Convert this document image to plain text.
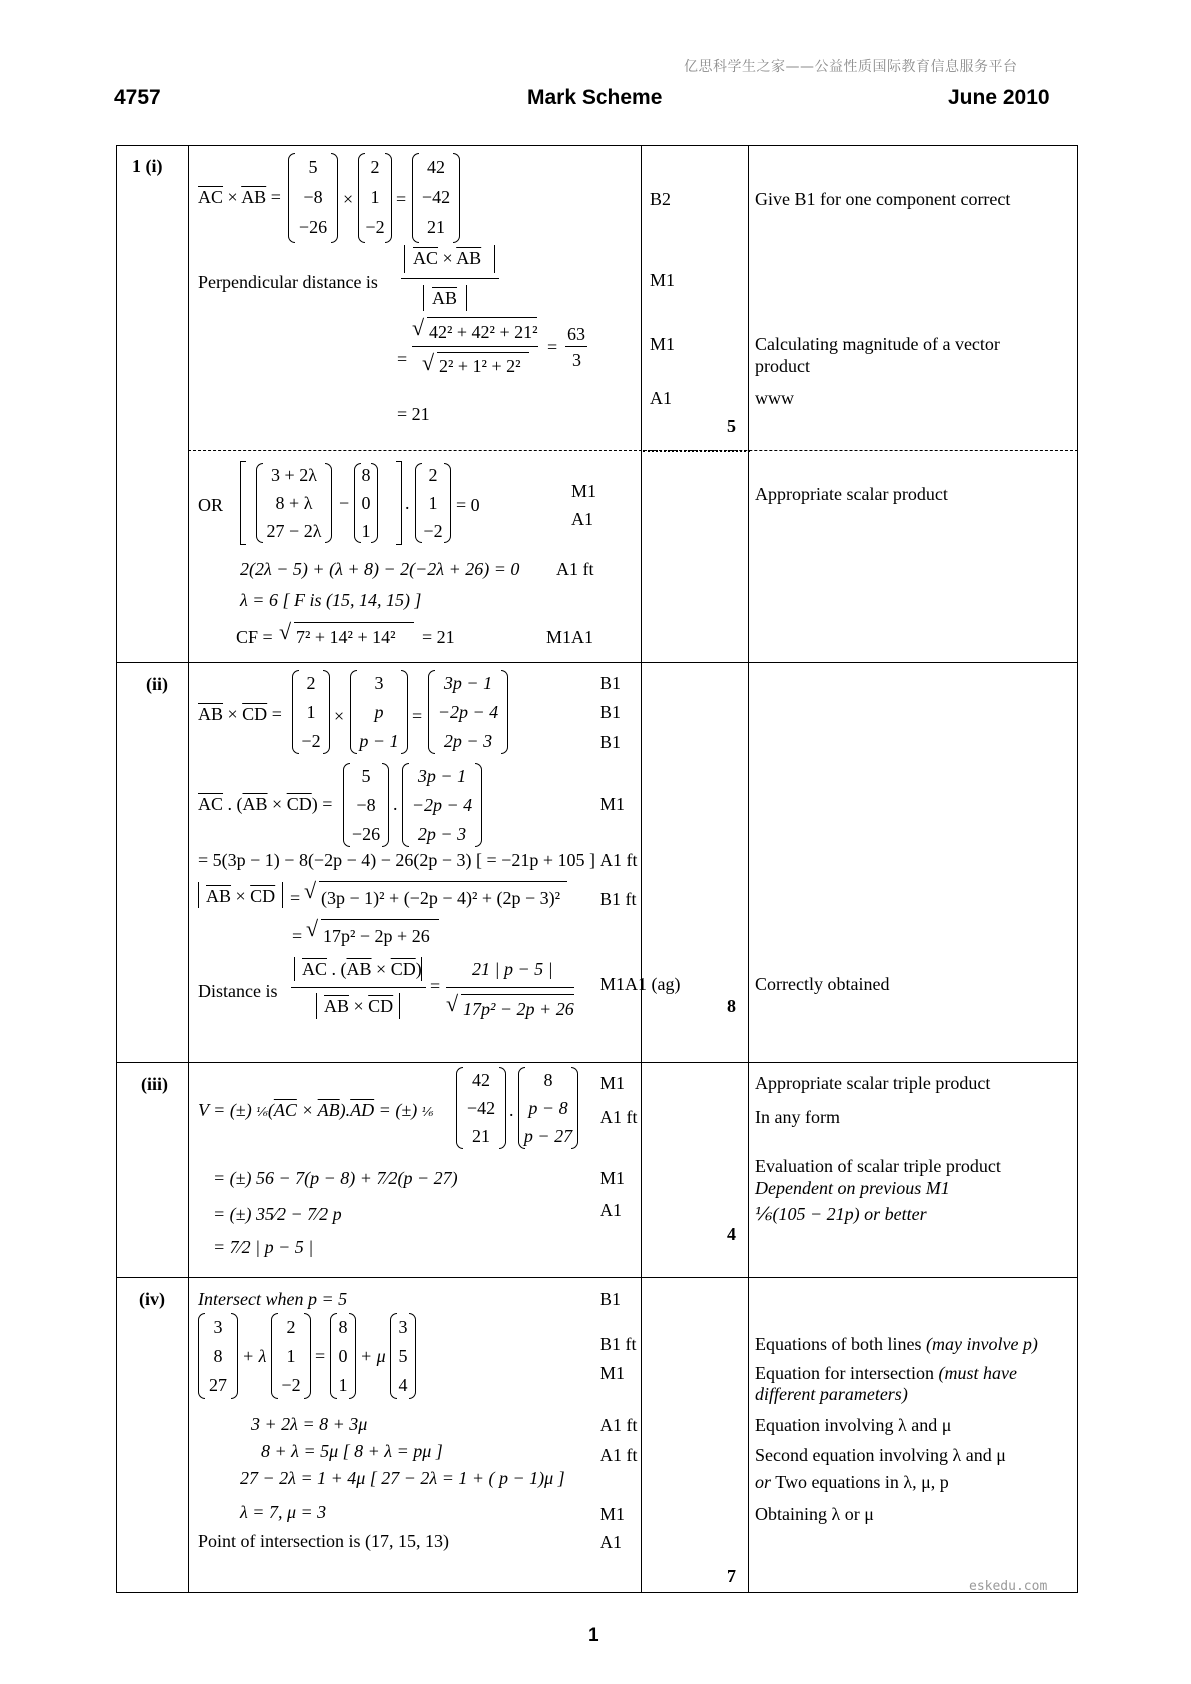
亿思科学生之家——公益性质国际教育信息服务平台
4757	Mark Scheme	June 2010
1 (i)
$\overline{AC} \times \overline{AB}$ =
5
−8
−26
×
2
1
−2
=
42
−42
21
Perpendicular distance is
$\overline{AC} \times \overline{AB}$
$\overline{AB}$
=
√ 42² + 42² + 21²
√ 2² + 1² + 2²
=
63
3
= 21
B2
M1
M1
A1
5
Give B1 for one component correct
Calculating magnitude of a vector
product
www
OR
3 + 2λ
8 + λ
27 − 2λ
−
8
0
1
.
2
1
−2
= 0
2(2λ − 5) + (λ + 8) − 2(−2λ + 26) = 0
λ = 6 [ F is (15, 14, 15) ]
CF = √ 7² + 14² + 14² = 21
M1
A1
A1 ft
M1A1
Appropriate scalar product
(ii)
$\overline{AB} \times \overline{CD}$ =
2
1
−2
×
3
p
p − 1
=
3p − 1
−2p − 4
2p − 3
$\overline{AC}$ . $(\overline{AB} \times \overline{CD})$ =
5
−8
−26
.
3p − 1
−2p − 4
2p − 3
= 5(3p − 1) − 8(−2p − 4) − 26(2p − 3) [ = −21p + 105 ]
$\overline{AB} \times \overline{CD}$ = √ (3p − 1)² + (−2p − 4)² + (2p − 3)²
= √ 17p² − 2p + 26
Distance is
$\overline{AC}$ . $(\overline{AB} \times \overline{CD})$
$\overline{AB} \times \overline{CD}$
=
21 | p − 5 |
√ 17p² − 2p + 26
B1
B1
B1
M1
A1 ft
B1 ft
M1A1 (ag)
8
Correctly obtained
(iii)
V = (±) $\frac{1}{6}(\overline{AC} \times \overline{AB}).\overline{AD}$ = (±) ⅙
42
−42
21
.
8
p − 8
p − 27
= (±) 56 − 7(p − 8) + 7⁄2(p − 27)
= (±) 35⁄2 − 7⁄2 p
= 7⁄2 | p − 5 |
M1
A1 ft
M1
A1
4
Appropriate scalar triple product
In any form
Evaluation of scalar triple product
Dependent on previous M1
⅙(105 − 21p) or better
(iv) Intersect when p = 5
3
8
27
+ λ
2
1
−2
=
8
0
1
+ μ
3
5
4
3 + 2λ = 8 + 3μ
8 + λ = 5μ [ 8 + λ = pμ ]
27 − 2λ = 1 + 4μ [ 27 − 2λ = 1 + ( p − 1)μ ]
λ = 7, μ = 3
Point of intersection is (17, 15, 13)
B1
B1 ft
M1
A1 ft
A1 ft
M1
A1
7
Equations of both lines (may involve p)
Equation for intersection (must have
different parameters)
Equation involving λ and μ
Second equation involving λ and μ
or Two equations in λ, μ, p
Obtaining λ or μ
eskedu.com
1
